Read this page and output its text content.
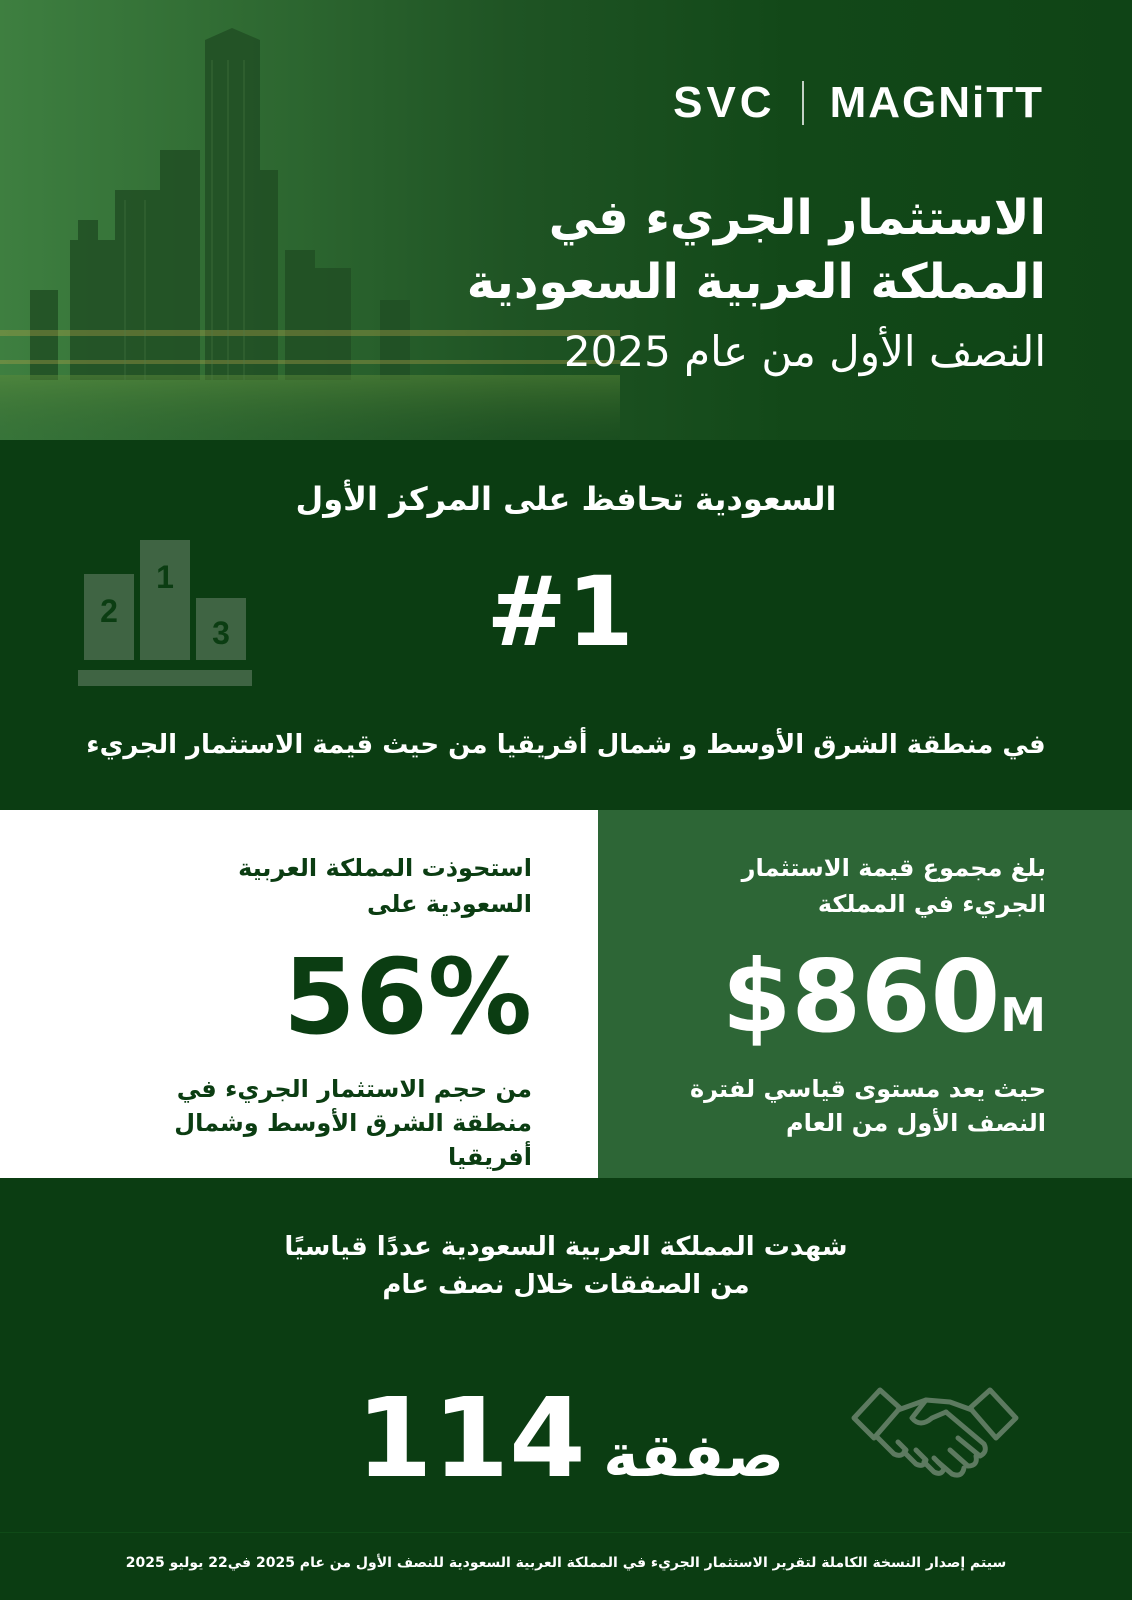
SVC MAGNiTT
الاستثمار الجريء في
المملكة العربية السعودية
النصف الأول من عام 2025
السعودية تحافظ على المركز الأول
1
2
3	#1
في منطقة الشرق الأوسط و شمال أفريقيا من حيث قيمة الاستثمار الجريء
استحوذت المملكة العربية
السعودية على
56%
من حجم الاستثمار الجريء في
منطقة الشرق الأوسط وشمال أفريقيا
بلغ مجموع قيمة الاستثمار
الجريء في المملكة
$860M
حيث يعد مستوى قياسي لفترة
النصف الأول من العام
شهدت المملكة العربية السعودية عددًا قياسيًا
من الصفقات خلال نصف عام
صفقة 114
سيتم إصدار النسخة الكاملة لتقرير الاستثمار الجريء في المملكة العربية السعودية للنصف الأول من عام 2025 في22 يوليو 2025
